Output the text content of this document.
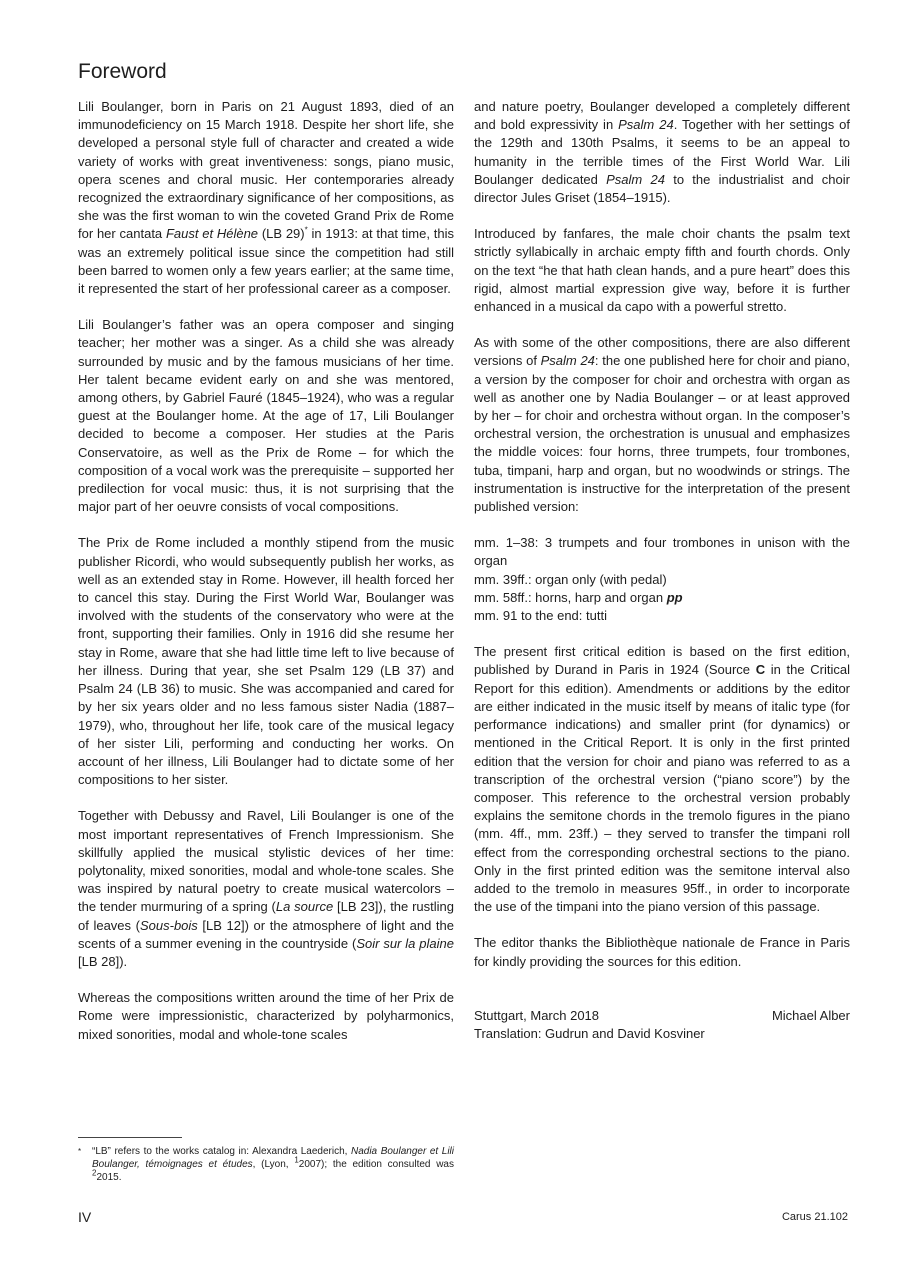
Foreword

Lili Boulanger, born in Paris on 21 August 1893, died of an immunodeficiency on 15 March 1918. Despite her short life, she developed a personal style full of character and created a wide variety of works with great inventiveness: songs, piano music, opera scenes and choral music. Her contemporaries already recognized the extraordinary significance of her compositions, as she was the first woman to win the coveted Grand Prix de Rome for her cantata Faust et Hélène (LB 29)* in 1913: at that time, this was an extremely political issue since the competition had still been barred to women only a few years earlier; at the same time, it represented the start of her professional career as a composer.

Lili Boulanger’s father was an opera composer and singing teacher; her mother was a singer. As a child she was already surrounded by music and by the famous musicians of her time. Her talent became evident early on and she was mentored, among others, by Gabriel Fauré (1845–1924), who was a regular guest at the Boulanger home. At the age of 17, Lili Boulanger decided to become a composer. Her studies at the Paris Conservatoire, as well as the Prix de Rome – for which the composition of a vocal work was the prerequisite – supported her predilection for vocal music: thus, it is not surprising that the major part of her oeuvre consists of vocal compositions.

The Prix de Rome included a monthly stipend from the music publisher Ricordi, who would subsequently publish her works, as well as an extended stay in Rome. However, ill health forced her to cancel this stay. During the First World War, Boulanger was involved with the students of the conservatory who were at the front, supporting their families. Only in 1916 did she resume her stay in Rome, aware that she had little time left to live because of her illness. During that year, she set Psalm 129 (LB 37) and Psalm 24 (LB 36) to music. She was accompanied and cared for by her six years older and no less famous sister Nadia (1887–1979), who, throughout her life, took care of the musical legacy of her sister Lili, performing and conducting her works. On account of her illness, Lili Boulanger had to dictate some of her compositions to her sister.

Together with Debussy and Ravel, Lili Boulanger is one of the most important representatives of French Impressionism. She skillfully applied the musical stylistic devices of her time: polytonality, mixed sonorities, modal and whole-tone scales. She was inspired by natural poetry to create musical watercolors – the tender murmuring of a spring (La source [LB 23]), the rustling of leaves (Sous-bois [LB 12]) or the atmosphere of light and the scents of a summer evening in the countryside (Soir sur la plaine [LB 28]).

Whereas the compositions written around the time of her Prix de Rome were impressionistic, characterized by polyharmonics, mixed sonorities, modal and whole-tone scales

and nature poetry, Boulanger developed a completely different and bold expressivity in Psalm 24. Together with her settings of the 129th and 130th Psalms, it seems to be an appeal to humanity in the terrible times of the First World War. Lili Boulanger dedicated Psalm 24 to the industrialist and choir director Jules Griset (1854–1915).

Introduced by fanfares, the male choir chants the psalm text strictly syllabically in archaic empty fifth and fourth chords. Only on the text “he that hath clean hands, and a pure heart” does this rigid, almost martial expression give way, before it is further enhanced in a musical da capo with a powerful stretto.

As with some of the other compositions, there are also different versions of Psalm 24: the one published here for choir and piano, a version by the composer for choir and orchestra with organ as well as another one by Nadia Boulanger – or at least approved by her – for choir and orchestra without organ. In the composer’s orchestral version, the orchestration is unusual and emphasizes the middle voices: four horns, three trumpets, four trombones, tuba, timpani, harp and organ, but no woodwinds or strings. The instrumentation is instructive for the interpretation of the present published version:

mm. 1–38: 3 trumpets and four trombones in unison with the organ

mm. 39ff.: organ only (with pedal)

mm. 58ff.: horns, harp and organ pp

mm. 91 to the end: tutti

The present first critical edition is based on the first edition, published by Durand in Paris in 1924 (Source C in the Critical Report for this edition). Amendments or additions by the editor are either indicated in the music itself by means of italic type (for performance indications) and smaller print (for dynamics) or mentioned in the Critical Report. It is only in the first printed edition that the version for choir and piano was referred to as a transcription of the orchestral version (“piano score”) by the composer. This reference to the orchestral version probably explains the semitone chords in the tremolo figures in the piano (mm. 4ff., mm. 23ff.) – they served to transfer the timpani roll effect from the corresponding orchestral sections to the piano. Only in the first printed edition was the semitone interval also added to the tremolo in measures 95ff., in order to incorporate the use of the timpani into the piano version of this passage.

The editor thanks the Bibliothèque nationale de France in Paris for kindly providing the sources for this edition.

Stuttgart, March 2018	Michael Alber

Translation: Gudrun and David Kosviner

*	“LB” refers to the works catalog in: Alexandra Laederich, Nadia Boulanger et Lili Boulanger, témoignages et études, (Lyon, $^1$2007); the edition consulted was $^2$2015.
IV	Carus 21.102
